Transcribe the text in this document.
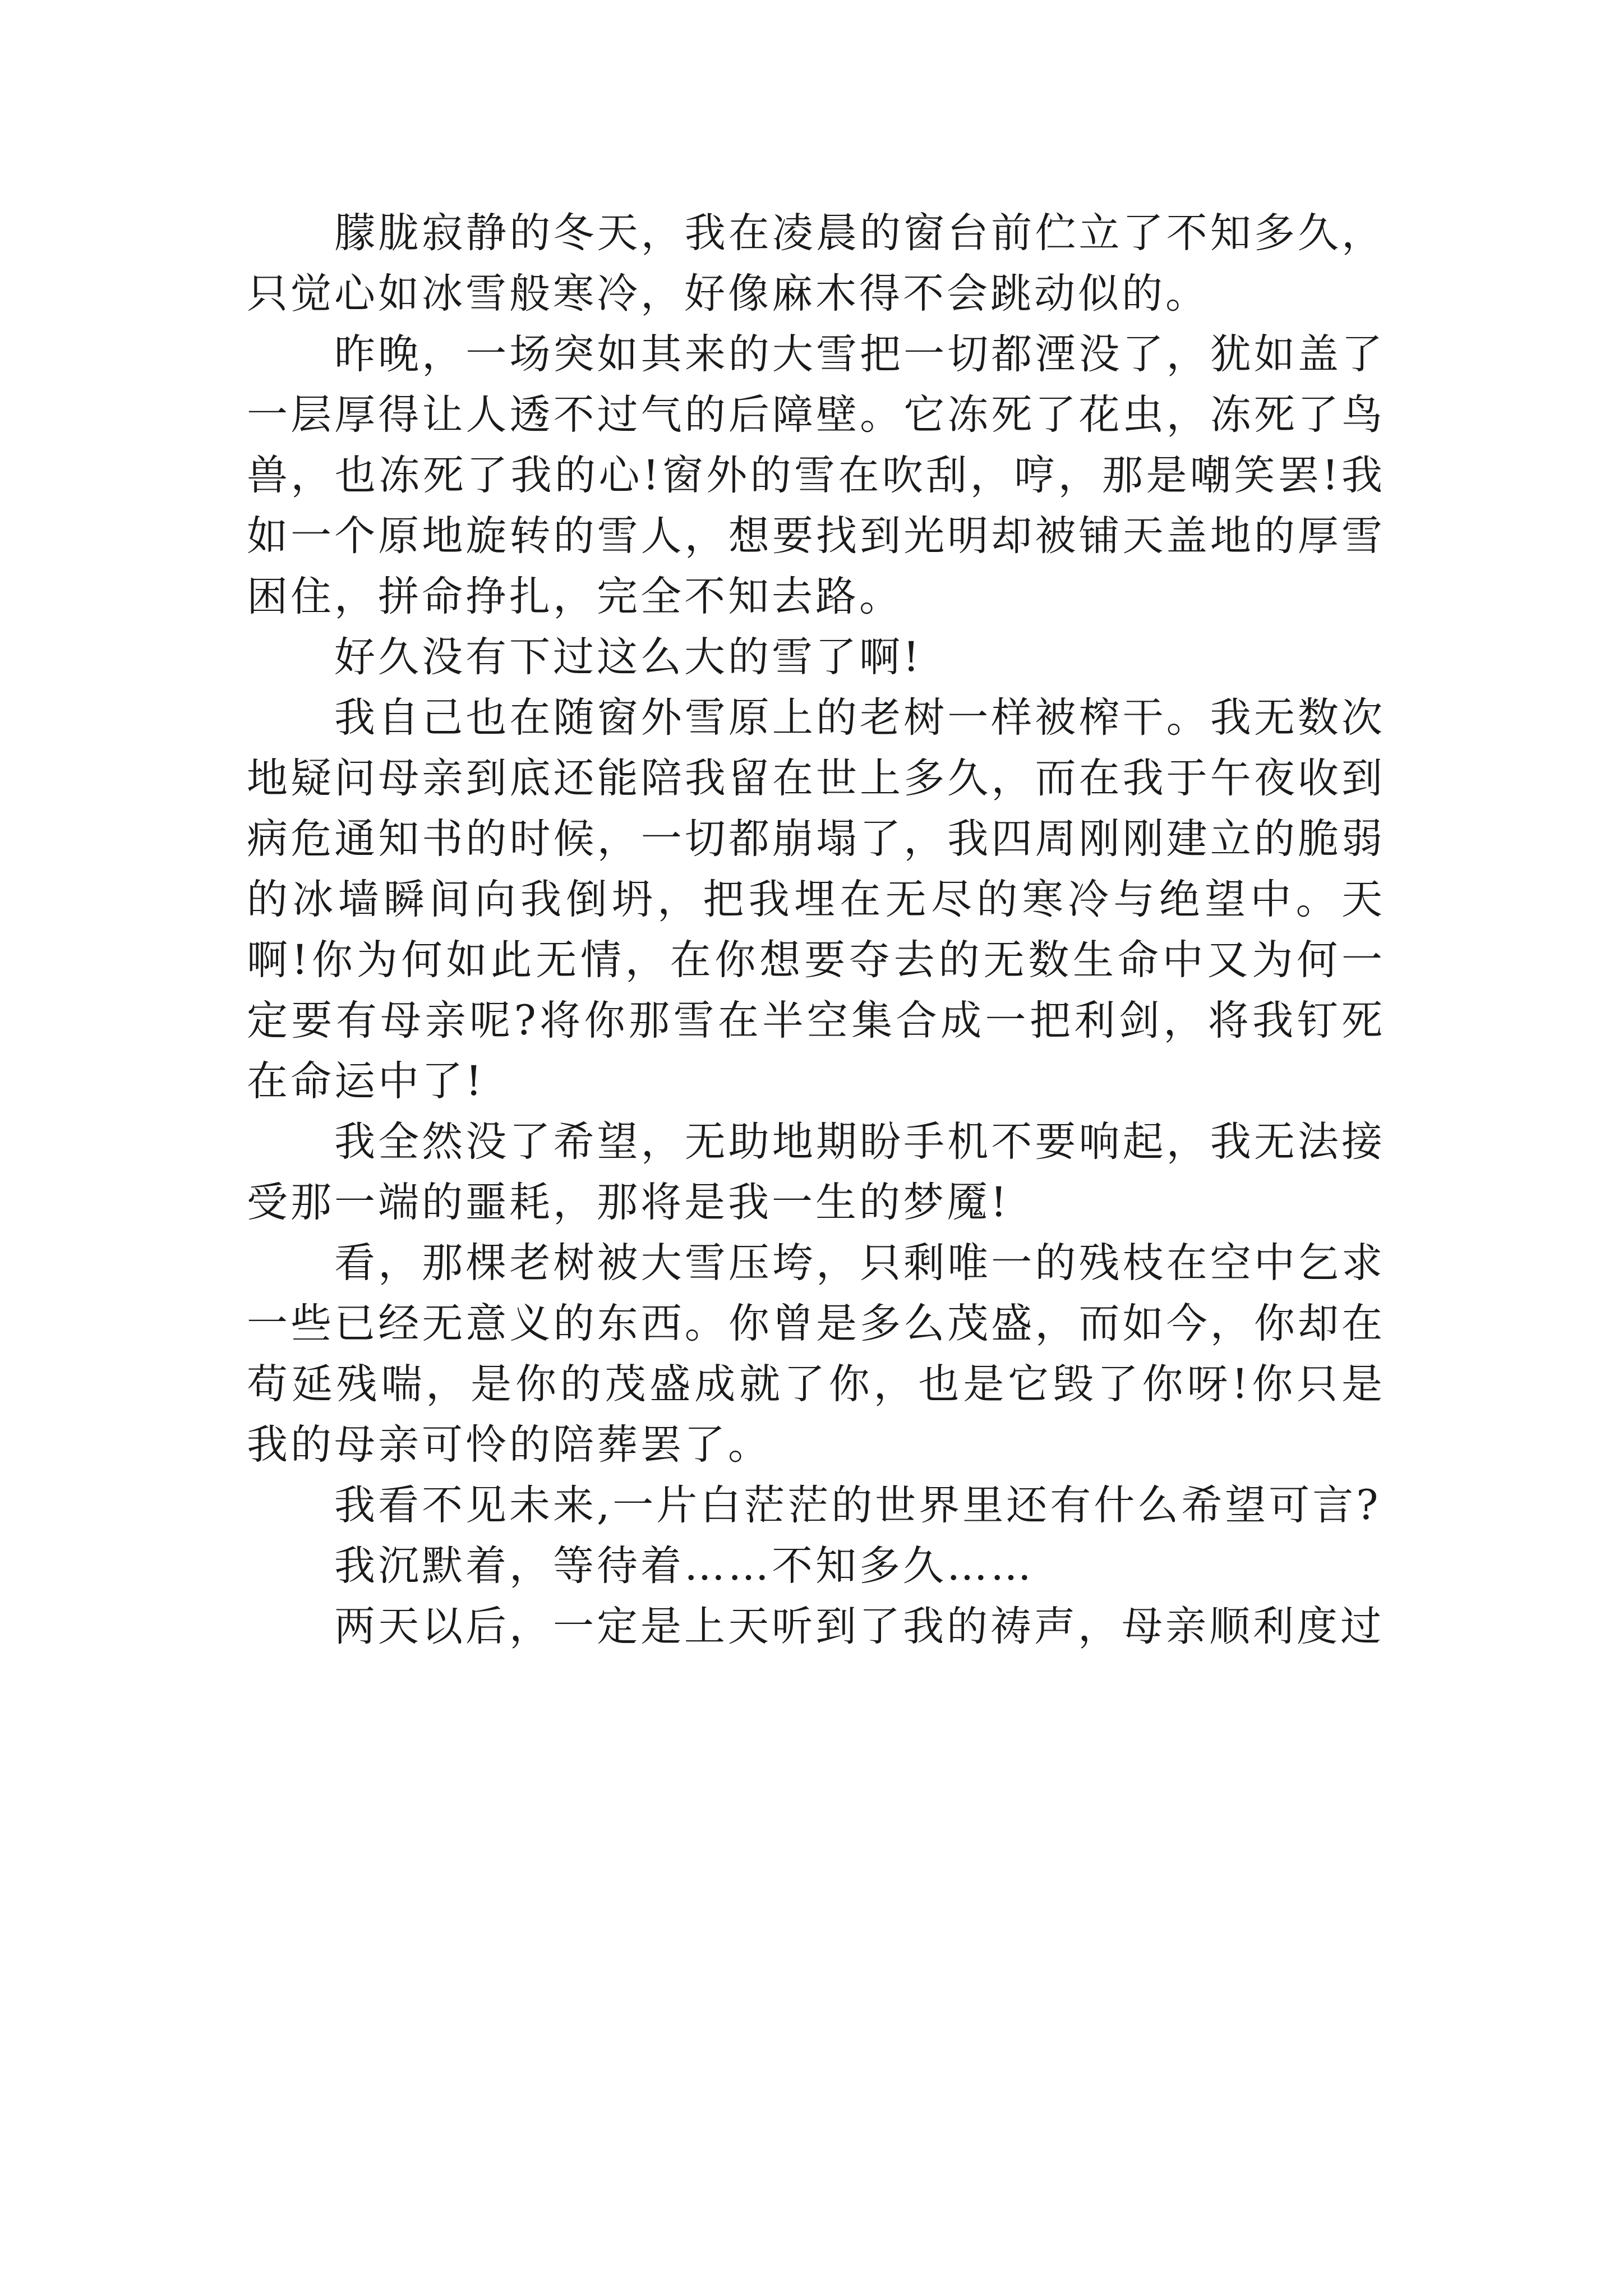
朦胧寂静的冬天，我在凌晨的窗台前伫立了不知多久，只觉心如冰雪般寒冷，好像麻木得不会跳动似的。

昨晚，一场突如其来的大雪把一切都湮没了，犹如盖了一层厚得让人透不过气的后障壁。它冻死了花虫，冻死了鸟兽，也冻死了我的心!窗外的雪在吹刮，哼，那是嘲笑罢!我如一个原地旋转的雪人，想要找到光明却被铺天盖地的厚雪困住，拼命挣扎，完全不知去路。

好久没有下过这么大的雪了啊!

我自己也在随窗外雪原上的老树一样被榨干。我无数次地疑问母亲到底还能陪我留在世上多久，而在我于午夜收到病危通知书的时候，一切都崩塌了，我四周刚刚建立的脆弱的冰墙瞬间向我倒坍，把我埋在无尽的寒冷与绝望中。天啊!你为何如此无情，在你想要夺去的无数生命中又为何一定要有母亲呢?将你那雪在半空集合成一把利剑，将我钉死在命运中了!

我全然没了希望，无助地期盼手机不要响起，我无法接受那一端的噩耗，那将是我一生的梦魇!

看，那棵老树被大雪压垮，只剩唯一的残枝在空中乞求一些已经无意义的东西。你曾是多么茂盛，而如今，你却在苟延残喘，是你的茂盛成就了你，也是它毁了你呀!你只是我的母亲可怜的陪葬罢了。

我看不见未来,一片白茫茫的世界里还有什么希望可言?

我沉默着，等待着……不知多久……

两天以后，一定是上天听到了我的祷声，母亲顺利度过
